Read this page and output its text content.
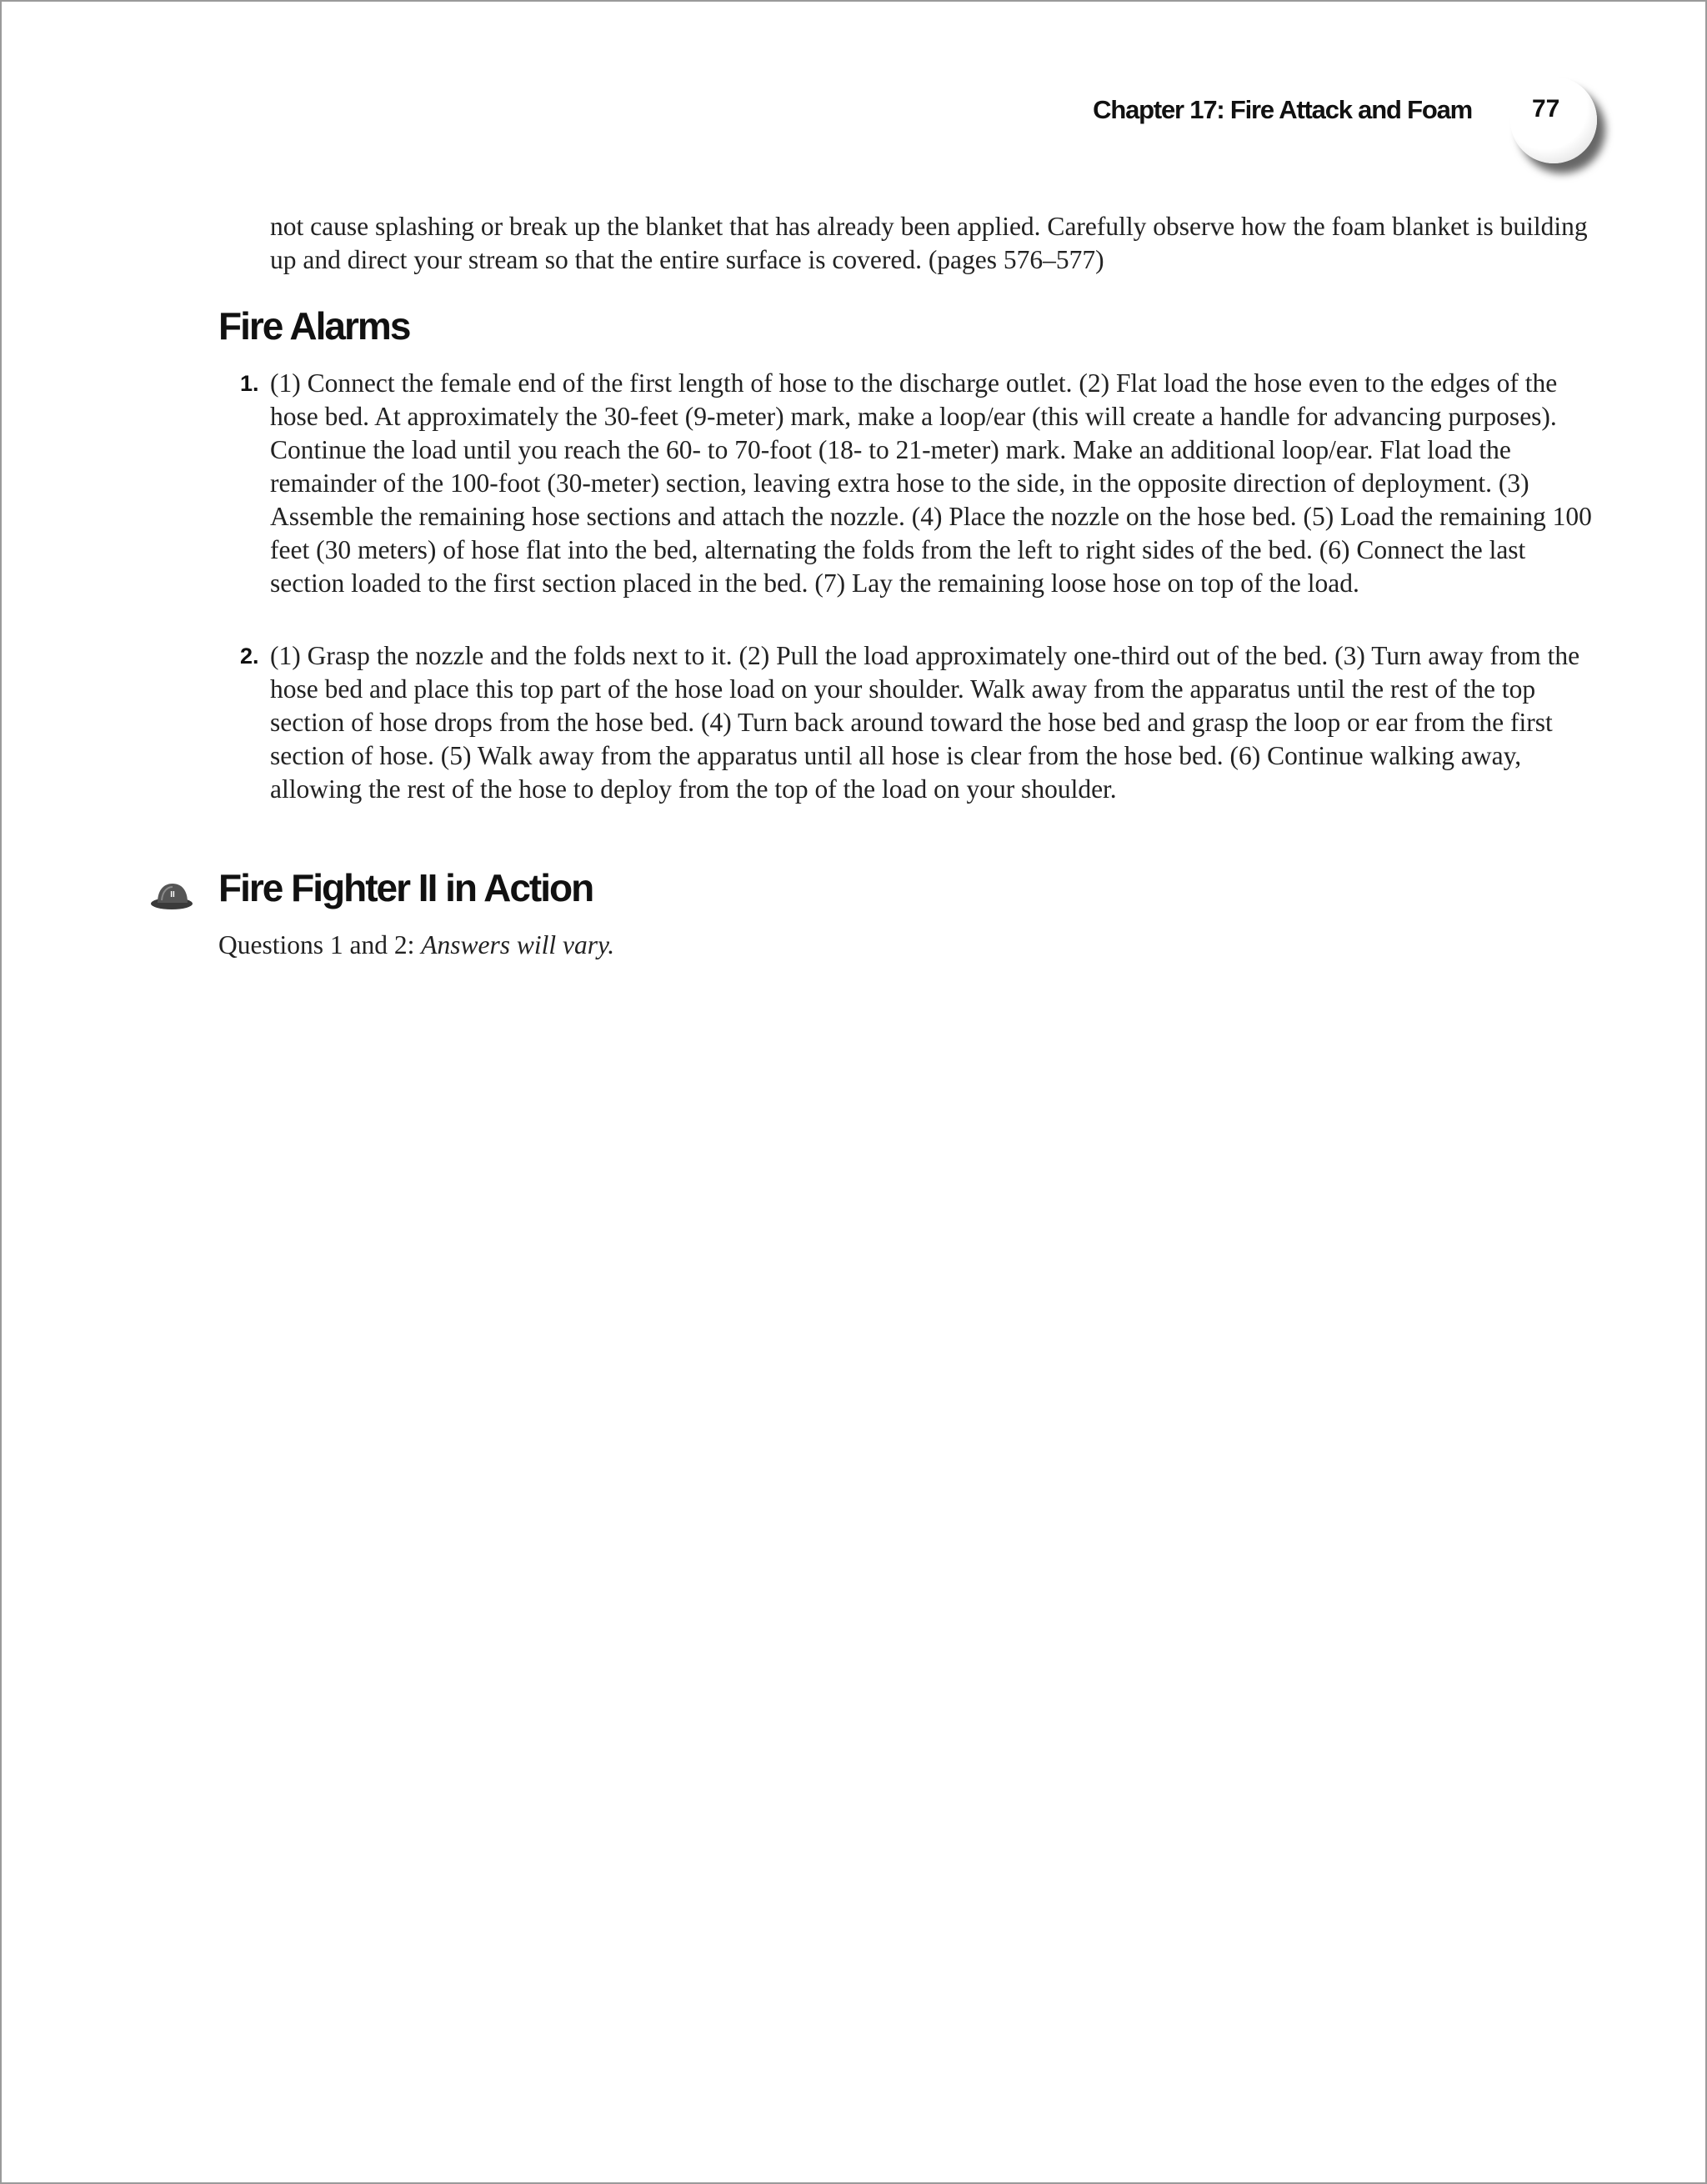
Chapter 17: Fire Attack and Foam 77
not cause splashing or break up the blanket that has already been applied. Carefully observe how the foam blanket is building up and direct your stream so that the entire surface is covered. (pages 576–577)
Fire Alarms
1. (1) Connect the female end of the first length of hose to the discharge outlet. (2) Flat load the hose even to the edges of the hose bed. At approximately the 30-feet (9-meter) mark, make a loop/ear (this will create a handle for advancing purposes). Continue the load until you reach the 60- to 70-foot (18- to 21-meter) mark. Make an additional loop/ear. Flat load the remainder of the 100-foot (30-meter) section, leaving extra hose to the side, in the opposite direction of deployment. (3) Assemble the remaining hose sections and attach the nozzle. (4) Place the nozzle on the hose bed. (5) Load the remaining 100 feet (30 meters) of hose flat into the bed, alternating the folds from the left to right sides of the bed. (6) Connect the last section loaded to the first section placed in the bed. (7) Lay the remaining loose hose on top of the load.
2. (1) Grasp the nozzle and the folds next to it. (2) Pull the load approximately one-third out of the bed. (3) Turn away from the hose bed and place this top part of the hose load on your shoulder. Walk away from the apparatus until the rest of the top section of hose drops from the hose bed. (4) Turn back around toward the hose bed and grasp the loop or ear from the first section of hose. (5) Walk away from the apparatus until all hose is clear from the hose bed. (6) Continue walking away, allowing the rest of the hose to deploy from the top of the load on your shoulder.
II Fire Fighter II in Action
Questions 1 and 2: Answers will vary.
